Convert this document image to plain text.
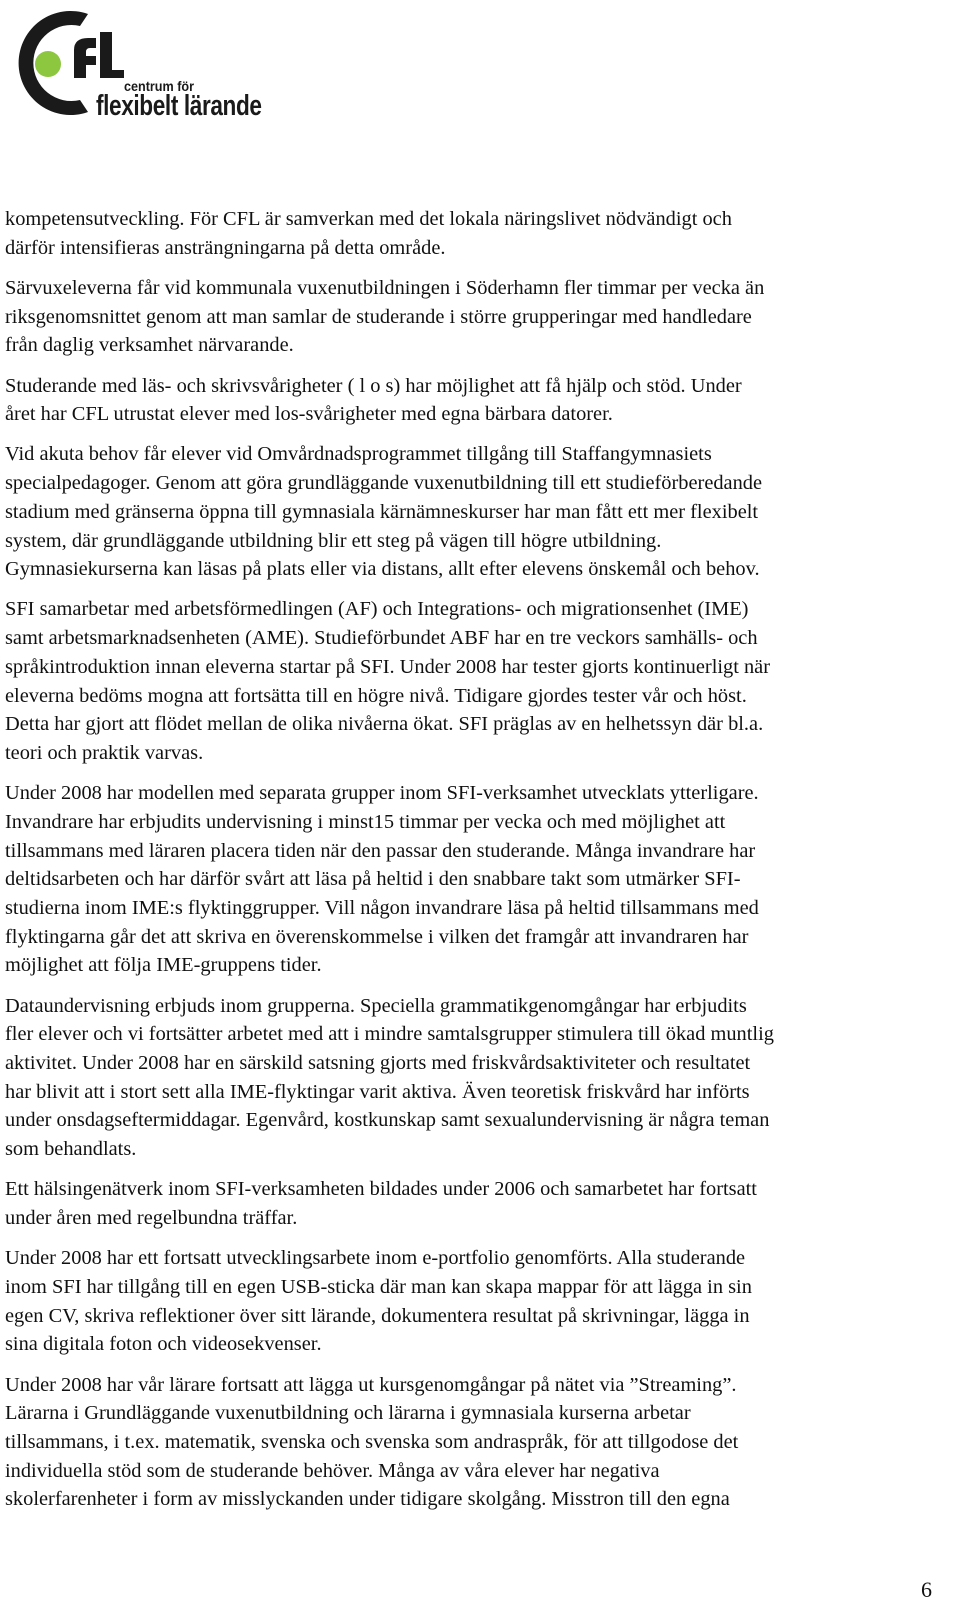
centrum för
flexibelt lärande

kompetensutveckling. För CFL är samverkan med det lokala näringslivet nödvändigt och
därför intensifieras ansträngningarna på detta område.

Särvuxeleverna får vid kommunala vuxenutbildningen i Söderhamn fler timmar per vecka än
riksgenomsnittet genom att man samlar de studerande i större grupperingar med handledare
från daglig verksamhet närvarande.

Studerande med läs- och skrivsvårigheter ( l o s) har möjlighet att få hjälp och stöd. Under
året har CFL utrustat elever med los-svårigheter med egna bärbara datorer.

Vid akuta behov får elever vid Omvårdnadsprogrammet tillgång till Staffangymnasiets
specialpedagoger. Genom att göra grundläggande vuxenutbildning till ett studieförberedande
stadium med gränserna öppna till gymnasiala kärnämneskurser har man fått ett mer flexibelt
system, där grundläggande utbildning blir ett steg på vägen till högre utbildning.
Gymnasiekurserna kan läsas på plats eller via distans, allt efter elevens önskemål och behov.

SFI samarbetar med arbetsförmedlingen (AF) och Integrations- och migrationsenhet (IME)
samt arbetsmarknadsenheten (AME). Studieförbundet ABF har en tre veckors samhälls- och
språkintroduktion innan eleverna startar på SFI. Under 2008 har tester gjorts kontinuerligt när
eleverna bedöms mogna att fortsätta till en högre nivå. Tidigare gjordes tester vår och höst.
Detta har gjort att flödet mellan de olika nivåerna ökat. SFI präglas av en helhetssyn där bl.a.
teori och praktik varvas.

Under 2008 har modellen med separata grupper inom SFI-verksamhet utvecklats ytterligare.
Invandrare har erbjudits undervisning i minst15 timmar per vecka och med möjlighet att
tillsammans med läraren placera tiden när den passar den studerande. Många invandrare har
deltidsarbeten och har därför svårt att läsa på heltid i den snabbare takt som utmärker SFI-
studierna inom IME:s flyktinggrupper. Vill någon invandrare läsa på heltid tillsammans med
flyktingarna går det att skriva en överenskommelse i vilken det framgår att invandraren har
möjlighet att följa IME-gruppens tider.

Dataundervisning erbjuds inom grupperna. Speciella grammatikgenomgångar har erbjudits
fler elever och vi fortsätter arbetet med att i mindre samtalsgrupper stimulera till ökad muntlig
aktivitet. Under 2008 har en särskild satsning gjorts med friskvårdsaktiviteter och resultatet
har blivit att i stort sett alla IME-flyktingar varit aktiva. Även teoretisk friskvård har införts
under onsdagseftermiddagar. Egenvård, kostkunskap samt sexualundervisning är några teman
som behandlats.

Ett hälsingenätverk inom SFI-verksamheten bildades under 2006 och samarbetet har fortsatt
under åren med regelbundna träffar.

Under 2008 har ett fortsatt utvecklingsarbete inom e-portfolio genomförts. Alla studerande
inom SFI har tillgång till en egen USB-sticka där man kan skapa mappar för att lägga in sin
egen CV, skriva reflektioner över sitt lärande, dokumentera resultat på skrivningar, lägga in
sina digitala foton och videosekvenser.

Under 2008 har vår lärare fortsatt att lägga ut kursgenomgångar på nätet via ”Streaming”.
Lärarna i Grundläggande vuxenutbildning och lärarna i gymnasiala kurserna arbetar
tillsammans, i t.ex. matematik, svenska och svenska som andraspråk, för att tillgodose det
individuella stöd som de studerande behöver. Många av våra elever har negativa
skolerfarenheter i form av misslyckanden under tidigare skolgång. Misstron till den egna

6
